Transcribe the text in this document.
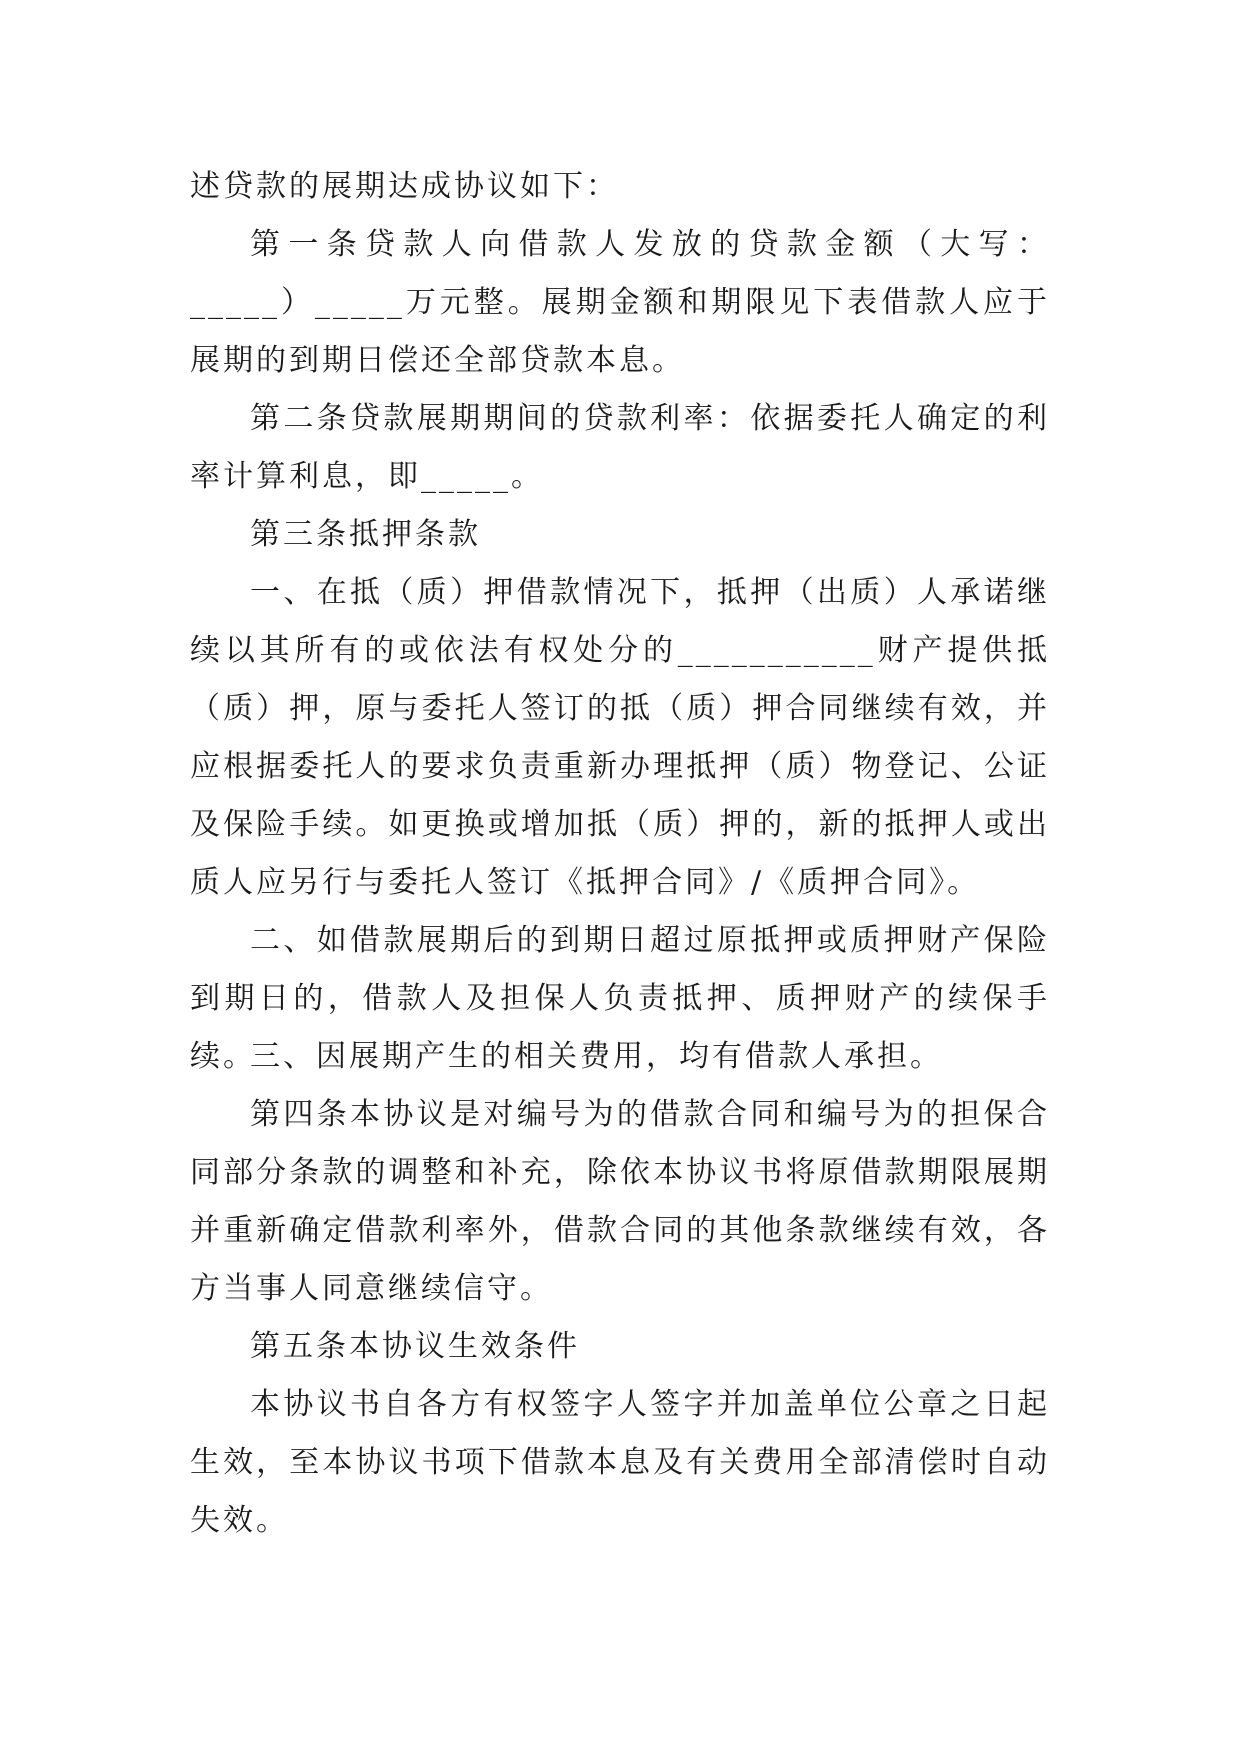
述贷款的展期达成协议如下：

第一条贷款人向借款人发放的贷款金额（大写：_____）_____万元整。展期金额和期限见下表借款人应于展期的到期日偿还全部贷款本息。

第二条贷款展期期间的贷款利率：依据委托人确定的利率计算利息，即_____。

第三条抵押条款

一、在抵（质）押借款情况下，抵押（出质）人承诺继续以其所有的或依法有权处分的___________财产提供抵（质）押，原与委托人签订的抵（质）押合同继续有效，并应根据委托人的要求负责重新办理抵押（质）物登记、公证及保险手续。如更换或增加抵（质）押的，新的抵押人或出质人应另行与委托人签订《抵押合同》/《质押合同》。

二、如借款展期后的到期日超过原抵押或质押财产保险到期日的，借款人及担保人负责抵押、质押财产的续保手续。

三、因展期产生的相关费用，均有借款人承担。

第四条本协议是对编号为的借款合同和编号为的担保合同部分条款的调整和补充，除依本协议书将原借款期限展期并重新确定借款利率外，借款合同的其他条款继续有效，各方当事人同意继续信守。

第五条本协议生效条件

本协议书自各方有权签字人签字并加盖单位公章之日起生效，至本协议书项下借款本息及有关费用全部清偿时自动失效。
